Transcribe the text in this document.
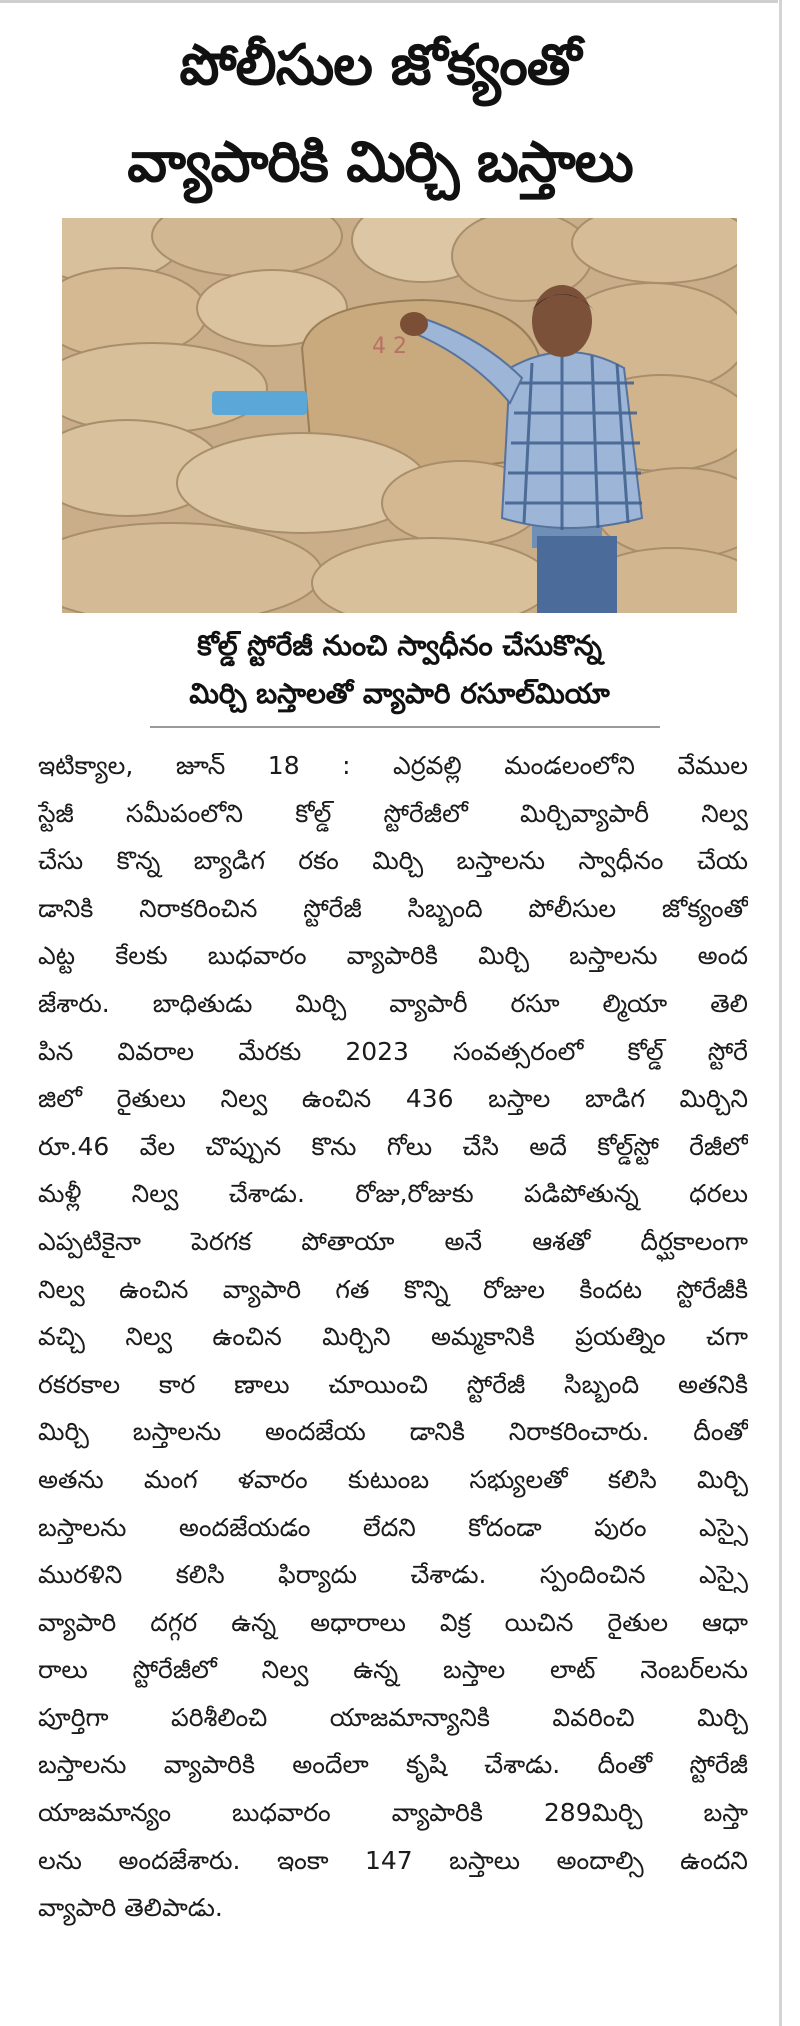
పోలీసుల జోక్యంతో
వ్యాపారికి మిర్చి బస్తాలు
4 2
కోల్డ్ స్టోరేజీ నుంచి స్వాధీనం చేసుకొన్న
మిర్చి బస్తాలతో వ్యాపారి రసూల్‌మియా
ఇటిక్యాల, జూన్ 18 : ఎర్రవల్లి మండలంలోని వేముల
స్టేజీ సమీపంలోని కోల్డ్ స్టోరేజీలో మిర్చివ్యాపారీ నిల్వ
చేసు కొన్న బ్యాడిగ రకం మిర్చి బస్తాలను స్వాధీనం చేయ
డానికి నిరాకరించిన స్టోరేజీ సిబ్బంది పోలీసుల జోక్యంతో
ఎట్ట కేలకు బుధవారం వ్యాపారికి మిర్చి బస్తాలను అంద
జేశారు. బాధితుడు మిర్చి వ్యాపారీ రసూ ల్మియా తెలి
పిన వివరాల మేరకు 2023 సంవత్సరంలో కోల్డ్ స్టోరే
జిలో రైతులు నిల్వ ఉంచిన 436 బస్తాల బాడిగ మిర్చిని
రూ.46 వేల చొప్పున కొను గోలు చేసి అదే కోల్డ్‌స్టో రేజీలో
మళ్లీ నిల్వ చేశాడు. రోజు,రోజుకు పడిపోతున్న ధరలు
ఎప్పటికైనా పెరగక పోతాయా అనే ఆశతో దీర్ఘకాలంగా
నిల్వ ఉంచిన వ్యాపారి గత కొన్ని రోజుల కిందట స్టోరేజీకి
వచ్చి నిల్వ ఉంచిన మిర్చిని అమ్మకానికి ప్రయత్నిం చగా
రకరకాల కార ణాలు చూయించి స్టోరేజీ సిబ్బంది అతనికి
మిర్చి బస్తాలను అందజేయ డానికి నిరాకరించారు. దీంతో
అతను మంగ ళవారం కుటుంబ సభ్యులతో కలిసి మిర్చి
బస్తాలను అందజేయడం లేదని కోదండా పురం ఎస్సై
మురళిని కలిసి ఫిర్యాదు చేశాడు. స్పందించిన ఎస్సై
వ్యాపారి దగ్గర ఉన్న అధారాలు విక్ర యిచిన రైతుల ఆధా
రాలు స్టోరేజీలో నిల్వ ఉన్న బస్తాల లాట్ నెంబర్‌లను
పూర్తిగా పరిశీలించి యాజమాన్యానికి వివరించి మిర్చి
బస్తాలను వ్యాపారికి అందేలా కృషి చేశాడు. దీంతో స్టోరేజీ
యాజమాన్యం బుధవారం వ్యాపారికి 289మిర్చి బస్తా
లను అందజేశారు. ఇంకా 147 బస్తాలు అందాల్సి ఉందని
వ్యాపారి తెలిపాడు.
